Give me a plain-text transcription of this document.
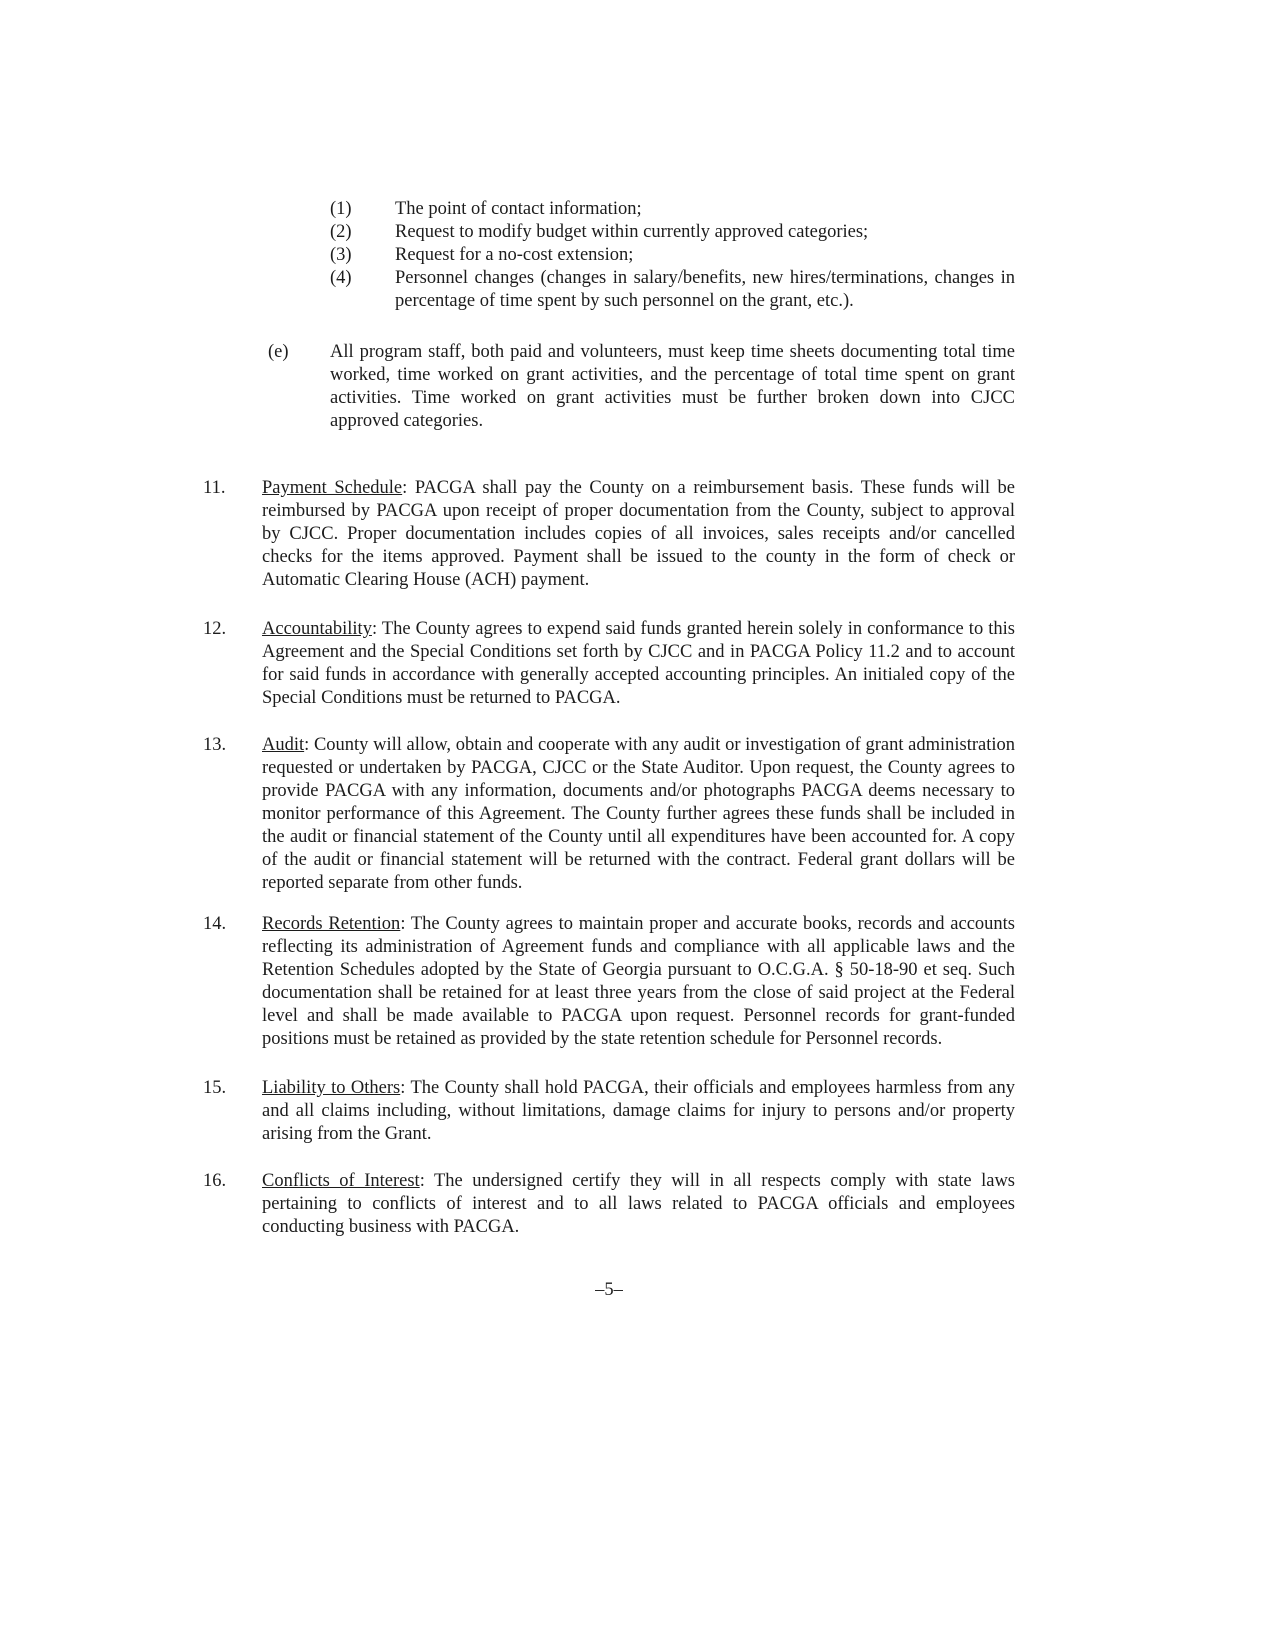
(1)	The point of contact information;
(2)	Request to modify budget within currently approved categories;
(3)	Request for a no-cost extension;
(4)	Personnel changes (changes in salary/benefits, new hires/terminations, changes in percentage of time spent by such personnel on the grant, etc.).
(e)	All program staff, both paid and volunteers, must keep time sheets documenting total time worked, time worked on grant activities, and the percentage of total time spent on grant activities. Time worked on grant activities must be further broken down into CJCC approved categories.
11.	Payment Schedule: PACGA shall pay the County on a reimbursement basis. These funds will be reimbursed by PACGA upon receipt of proper documentation from the County, subject to approval by CJCC. Proper documentation includes copies of all invoices, sales receipts and/or cancelled checks for the items approved. Payment shall be issued to the county in the form of check or Automatic Clearing House (ACH) payment.
12.	Accountability: The County agrees to expend said funds granted herein solely in conformance to this Agreement and the Special Conditions set forth by CJCC and in PACGA Policy 11.2 and to account for said funds in accordance with generally accepted accounting principles. An initialed copy of the Special Conditions must be returned to PACGA.
13.	Audit: County will allow, obtain and cooperate with any audit or investigation of grant administration requested or undertaken by PACGA, CJCC or the State Auditor. Upon request, the County agrees to provide PACGA with any information, documents and/or photographs PACGA deems necessary to monitor performance of this Agreement. The County further agrees these funds shall be included in the audit or financial statement of the County until all expenditures have been accounted for. A copy of the audit or financial statement will be returned with the contract. Federal grant dollars will be reported separate from other funds.
14.	Records Retention: The County agrees to maintain proper and accurate books, records and accounts reflecting its administration of Agreement funds and compliance with all applicable laws and the Retention Schedules adopted by the State of Georgia pursuant to O.C.G.A. § 50-18-90 et seq. Such documentation shall be retained for at least three years from the close of said project at the Federal level and shall be made available to PACGA upon request. Personnel records for grant-funded positions must be retained as provided by the state retention schedule for Personnel records.
15.	Liability to Others: The County shall hold PACGA, their officials and employees harmless from any and all claims including, without limitations, damage claims for injury to persons and/or property arising from the Grant.
16.	Conflicts of Interest: The undersigned certify they will in all respects comply with state laws pertaining to conflicts of interest and to all laws related to PACGA officials and employees conducting business with PACGA.
–5–
